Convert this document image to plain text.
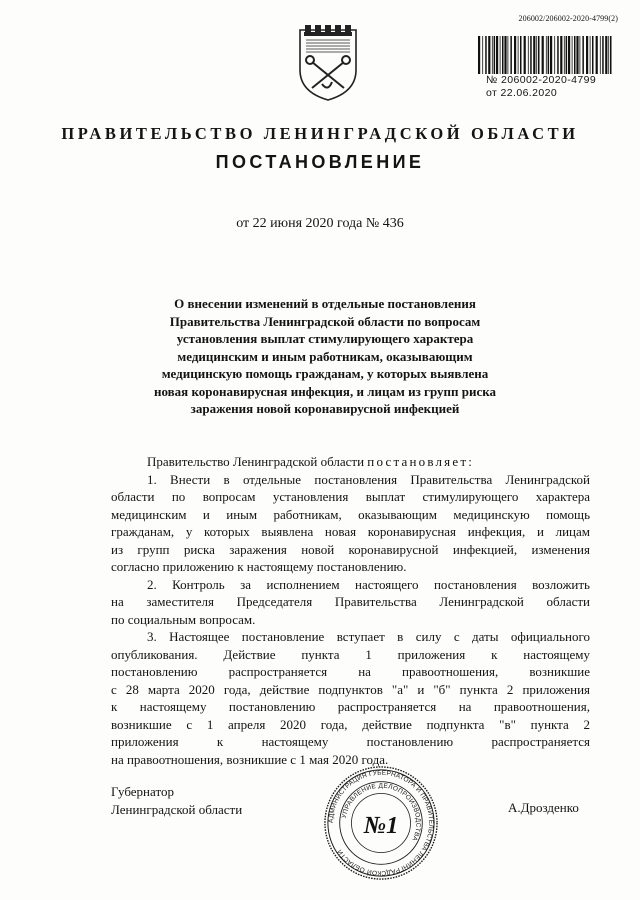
206002/206002-2020-4799(2)
№ 206002-2020-4799
от 22.06.2020
ПРАВИТЕЛЬСТВО ЛЕНИНГРАДСКОЙ ОБЛАСТИ
ПОСТАНОВЛЕНИЕ
от 22 июня 2020 года № 436
О внесении изменений в отдельные постановления
Правительства Ленинградской области по вопросам
установления выплат стимулирующего характера
медицинским и иным работникам, оказывающим
медицинскую помощь гражданам, у которых выявлена
новая коронавирусная инфекция, и лицам из групп риска
заражения новой коронавирусной инфекцией
Правительство Ленинградской области постановляет:
1. Внести в отдельные постановления Правительства Ленинградской
области по вопросам установления выплат стимулирующего характера
медицинским и иным работникам, оказывающим медицинскую помощь
гражданам, у которых выявлена новая коронавирусная инфекция, и лицам
из групп риска заражения новой коронавирусной инфекцией, изменения
согласно приложению к настоящему постановлению.
2. Контроль за исполнением настоящего постановления возложить
на заместителя Председателя Правительства Ленинградской области
по социальным вопросам.
3. Настоящее постановление вступает в силу с даты официального
опубликования. Действие пункта 1 приложения к настоящему
постановлению распространяется на правоотношения, возникшие
с 28 марта 2020 года, действие подпунктов "а" и "б" пункта 2 приложения
к настоящему постановлению распространяется на правоотношения,
возникшие с 1 апреля 2020 года, действие подпункта "в" пункта 2
приложения к настоящему постановлению распространяется
на правоотношения, возникшие с 1 мая 2020 года.
Губернатор
Ленинградской области	А.Дрозденко
АДМИНИСТРАЦИЯ ГУБЕРНАТОРА И ПРАВИТЕЛЬСТВА ЛЕНИНГРАДСКОЙ ОБЛАСТИ
УПРАВЛЕНИЕ ДЕЛОПРОИЗВОДСТВА
№1
